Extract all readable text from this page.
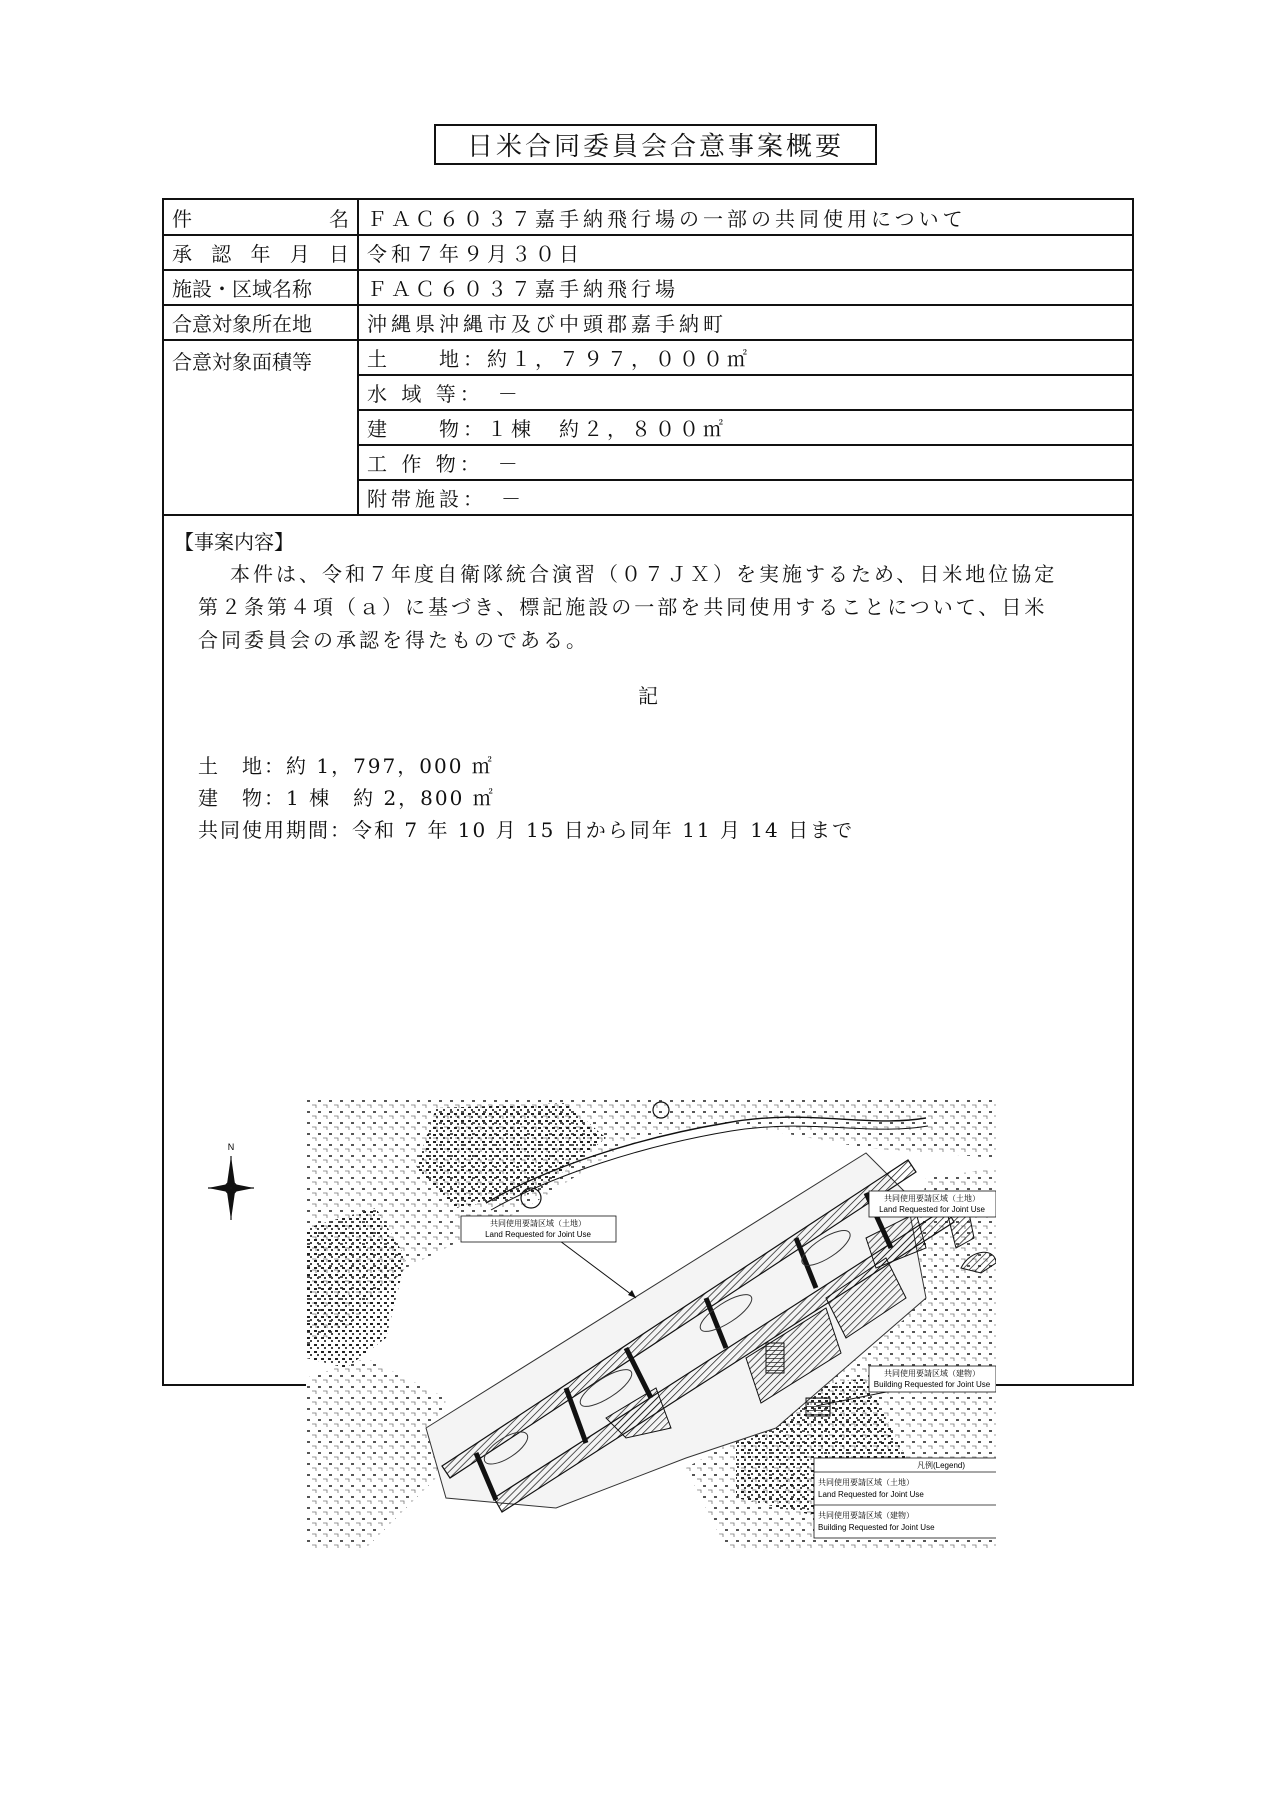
日米合同委員会合意事案概要
件	名 ＦＡＣ６０３７嘉手納飛行場の一部の共同使用について
承 認 年 月 日 令和７年９月３０日
施設・区域名称	ＦＡＣ６０３７嘉手納飛行場
合意対象所在地	沖縄県沖縄市及び中頭郡嘉手納町
合意対象面積等	土　　地：約１，７９７，０００㎡
水 域 等：　－
建　　物：１棟　約２，８００㎡
工 作 物：　－
附帯施設：　－

【事案内容】

本件は、令和７年度自衛隊統合演習（０７ＪＸ）を実施するため、日米地位協定
第２条第４項（ａ）に基づき、標記施設の一部を共同使用することについて、日米
合同委員会の承認を得たものである。

記

土　地：約 1，797，000 ㎡

建　物：1 棟　約 2，800 ㎡

共同使用期間：令和 7 年 10 月 15 日から同年 11 月 14 日まで

N
共同使用要請区域（土地）
Land Requested for Joint Use
共同使用要請区域（土地）
Land Requested for Joint Use
共同使用要請区域（建物）
Building Requested for Joint Use
凡例(Legend)
共同使用要請区域（土地）
Land Requested for Joint Use
共同使用要請区域（建物）
Building Requested for Joint Use
